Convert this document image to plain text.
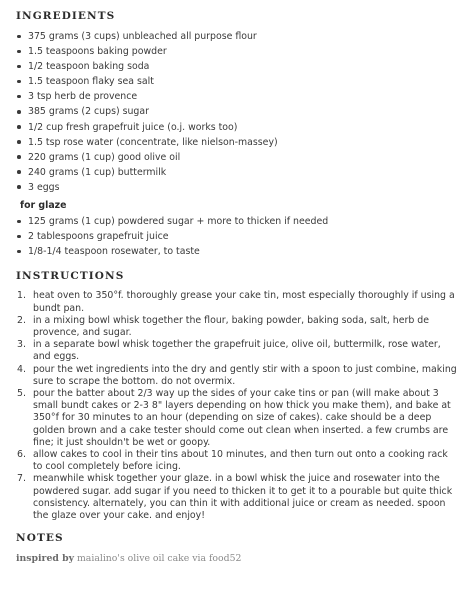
INGREDIENTS
375 grams (3 cups) unbleached all purpose flour
1.5 teaspoons baking powder
1/2 teaspoon baking soda
1.5 teaspoon flaky sea salt
3 tsp herb de provence
385 grams (2 cups) sugar
1/2 cup fresh grapefruit juice (o.j. works too)
1.5 tsp rose water (concentrate, like nielson-massey)
220 grams (1 cup) good olive oil
240 grams (1 cup) buttermilk
3 eggs
for glaze
125 grams (1 cup) powdered sugar + more to thicken if needed
2 tablespoons grapefruit juice
1/8-1/4 teaspoon rosewater, to taste
INSTRUCTIONS
1. heat oven to 350°f. thoroughly grease your cake tin, most especially thoroughly if using a bundt pan.
2. in a mixing bowl whisk together the flour, baking powder, baking soda, salt, herb de provence, and sugar.
3. in a separate bowl whisk together the grapefruit juice, olive oil, buttermilk, rose water, and eggs.
4. pour the wet ingredients into the dry and gently stir with a spoon to just combine, making sure to scrape the bottom. do not overmix.
5. pour the batter about 2/3 way up the sides of your cake tins or pan (will make about 3 small bundt cakes or 2-3 8" layers depending on how thick you make them), and bake at 350°f for 30 minutes to an hour (depending on size of cakes). cake should be a deep golden brown and a cake tester should come out clean when inserted. a few crumbs are fine; it just shouldn't be wet or goopy.
6. allow cakes to cool in their tins about 10 minutes, and then turn out onto a cooking rack to cool completely before icing.
7. meanwhile whisk together your glaze. in a bowl whisk the juice and rosewater into the powdered sugar. add sugar if you need to thicken it to get it to a pourable but quite thick consistency. alternately, you can thin it with additional juice or cream as needed. spoon the glaze over your cake. and enjoy!
NOTES
inspired by maialino's olive oil cake via food52
